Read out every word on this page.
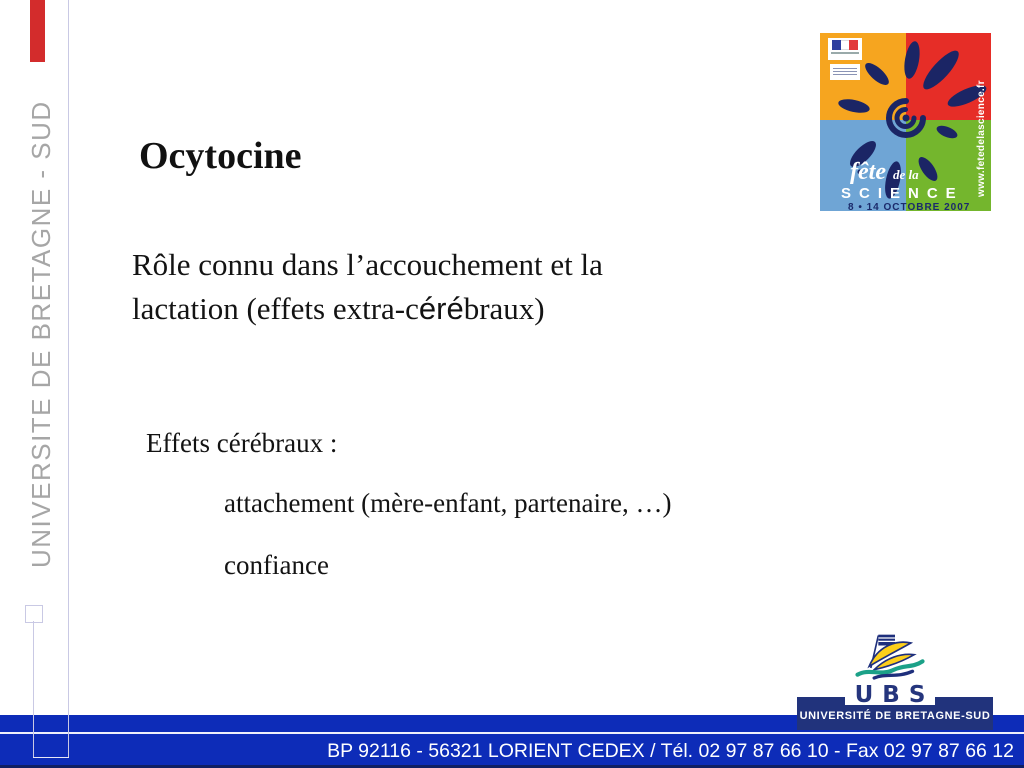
UNIVERSITE DE BRETAGNE - SUD Ocytocine

Rôle connu dans l’accouchement et la
lactation (effets extra-cérébraux)

Effets cérébraux :

attachement (mère-enfant, partenaire, …)

confiance

fête de la
SCIENCE
8 • 14 OCTOBRE 2007
www.fetedelascience.fr
UBS
UNIVERSITÉ DE BRETAGNE-SUD
BP 92116 - 56321 LORIENT CEDEX / Tél. 02 97 87 66 10 - Fax 02 97 87 66 12
